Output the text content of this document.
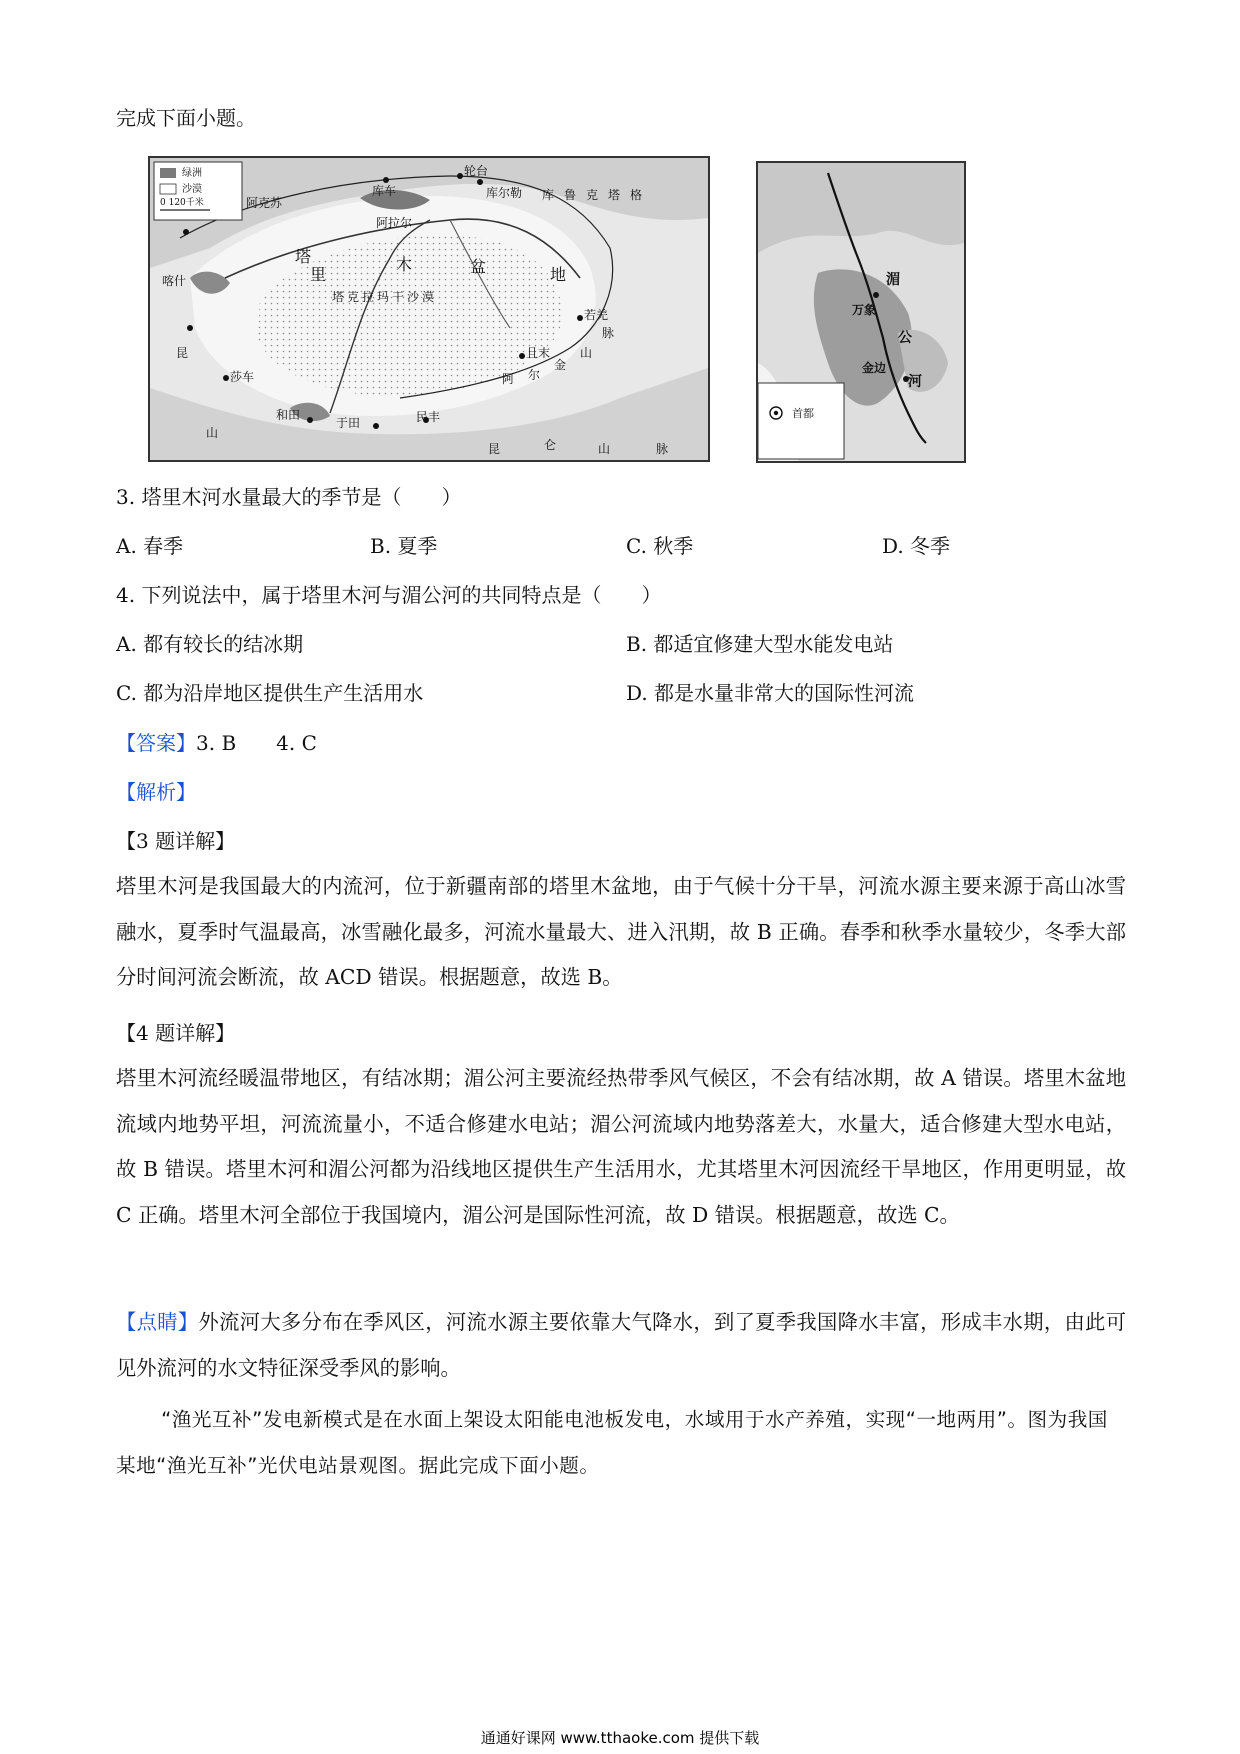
完成下面小题。
绿洲
沙漠
0 120千米	阿克苏
阿拉尔
库车
轮台
库尔勒 库鲁克塔格
喀什
莎车
和田
于田	民丰
且末
若羌
塔
里
木	盆	地
塔克拉玛干沙漠
阿 尔
金
山
脉
昆	仑	山	脉
昆
山
湄
公
河
万象
金边
首都
3. 塔里木河水量最大的季节是（　　）
A. 春季	B. 夏季	C. 秋季	D. 冬季
4. 下列说法中，属于塔里木河与湄公河的共同特点是（　　）
A. 都有较长的结冰期	B. 都适宜修建大型水能发电站
C. 都为沿岸地区提供生产生活用水	D. 都是水量非常大的国际性河流
【答案】3. B　　4. C
【解析】
【3 题详解】
塔里木河是我国最大的内流河，位于新疆南部的塔里木盆地，由于气候十分干旱，河流水源主要来源于高山冰雪融水，夏季时气温最高，冰雪融化最多，河流水量最大、进入汛期，故 B 正确。春季和秋季水量较少，冬季大部分时间河流会断流，故 ACD 错误。根据题意，故选 B。
【4 题详解】
塔里木河流经暖温带地区，有结冰期；湄公河主要流经热带季风气候区，不会有结冰期，故 A 错误。塔里木盆地流域内地势平坦，河流流量小，不适合修建水电站；湄公河流域内地势落差大，水量大，适合修建大型水电站，故 B 错误。塔里木河和湄公河都为沿线地区提供生产生活用水，尤其塔里木河因流经干旱地区，作用更明显，故 C 正确。塔里木河全部位于我国境内，湄公河是国际性河流，故 D 错误。根据题意，故选 C。
【点睛】外流河大多分布在季风区，河流水源主要依靠大气降水，到了夏季我国降水丰富，形成丰水期，由此可见外流河的水文特征深受季风的影响。
“渔光互补”发电新模式是在水面上架设太阳能电池板发电，水域用于水产养殖，实现“一地两用”。图为我国某地“渔光互补”光伏电站景观图。据此完成下面小题。
通通好课网 www.tthaoke.com 提供下载
